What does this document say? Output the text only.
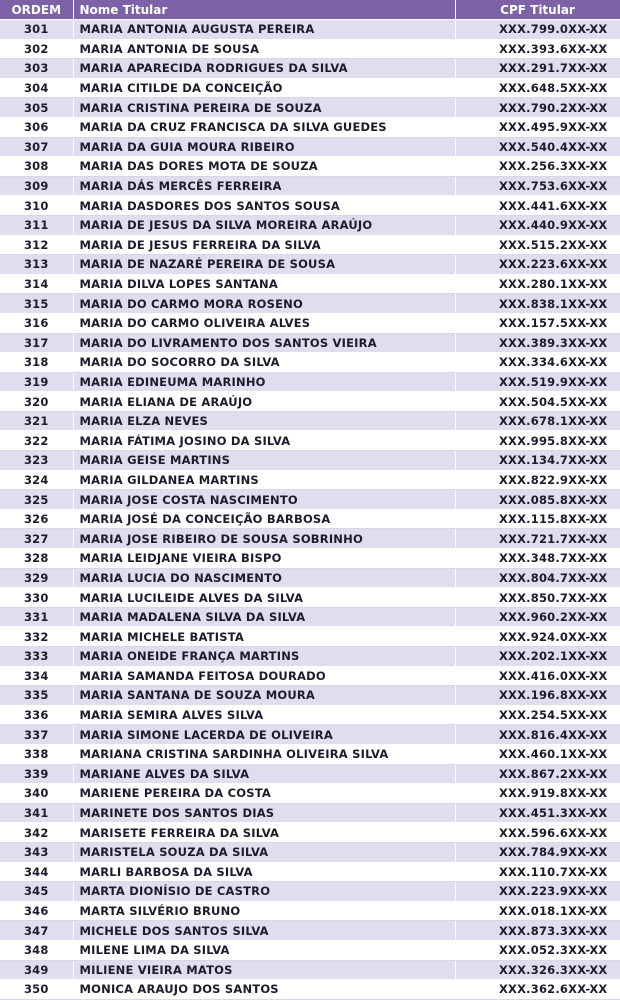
ORDEM	Nome Titular	CPF Titular
301	MARIA ANTONIA AUGUSTA PEREIRA	XXX.799.0XX-XX
302	MARIA ANTONIA DE SOUSA	XXX.393.6XX-XX
303	MARIA APARECIDA RODRIGUES DA SILVA	XXX.291.7XX-XX
304	MARIA CITILDE DA CONCEIÇÃO	XXX.648.5XX-XX
305	MARIA CRISTINA PEREIRA DE SOUZA	XXX.790.2XX-XX
306	MARIA DA CRUZ FRANCISCA DA SILVA GUEDES	XXX.495.9XX-XX
307	MARIA DA GUIA MOURA RIBEIRO	XXX.540.4XX-XX
308	MARIA DAS DORES MOTA DE SOUZA	XXX.256.3XX-XX
309	MARIA DÁS MERCÊS FERREIRA	XXX.753.6XX-XX
310	MARIA DASDORES DOS SANTOS SOUSA	XXX.441.6XX-XX
311	MARIA DE JESUS DA SILVA MOREIRA ARAÚJO	XXX.440.9XX-XX
312	MARIA DE JESUS FERREIRA DA SILVA	XXX.515.2XX-XX
313	MARIA DE NAZARÉ PEREIRA DE SOUSA	XXX.223.6XX-XX
314	MARIA DILVA LOPES SANTANA	XXX.280.1XX-XX
315	MARIA DO CARMO MORA ROSENO	XXX.838.1XX-XX
316	MARIA DO CARMO OLIVEIRA ALVES	XXX.157.5XX-XX
317	MARIA DO LIVRAMENTO DOS SANTOS VIEIRA	XXX.389.3XX-XX
318	MARIA DO SOCORRO DA SILVA	XXX.334.6XX-XX
319	MARIA EDINEUMA MARINHO	XXX.519.9XX-XX
320	MARIA ELIANA DE ARAÚJO	XXX.504.5XX-XX
321	MARIA ELZA NEVES	XXX.678.1XX-XX
322	MARIA FÁTIMA JOSINO DA SILVA	XXX.995.8XX-XX
323	MARIA GEISE MARTINS	XXX.134.7XX-XX
324	MARIA GILDANEA MARTINS	XXX.822.9XX-XX
325	MARIA JOSE COSTA NASCIMENTO	XXX.085.8XX-XX
326	MARIA JOSÉ DA CONCEIÇÃO BARBOSA	XXX.115.8XX-XX
327	MARIA JOSE RIBEIRO DE SOUSA SOBRINHO	XXX.721.7XX-XX
328	MARIA LEIDJANE VIEIRA BISPO	XXX.348.7XX-XX
329	MARIA LUCIA DO NASCIMENTO	XXX.804.7XX-XX
330	MARIA LUCILEIDE ALVES DA SILVA	XXX.850.7XX-XX
331	MARIA MADALENA SILVA DA SILVA	XXX.960.2XX-XX
332	MARIA MICHELE BATISTA	XXX.924.0XX-XX
333	MARIA ONEIDE FRANÇA MARTINS	XXX.202.1XX-XX
334	MARIA SAMANDA FEITOSA DOURADO	XXX.416.0XX-XX
335	MARIA SANTANA DE SOUZA MOURA	XXX.196.8XX-XX
336	MARIA SEMIRA ALVES SILVA	XXX.254.5XX-XX
337	MARIA SIMONE LACERDA DE OLIVEIRA	XXX.816.4XX-XX
338	MARIANA CRISTINA SARDINHA OLIVEIRA SILVA	XXX.460.1XX-XX
339	MARIANE ALVES DA SILVA	XXX.867.2XX-XX
340	MARIENE PEREIRA DA COSTA	XXX.919.8XX-XX
341	MARINETE DOS SANTOS DIAS	XXX.451.3XX-XX
342	MARISETE FERREIRA DA SILVA	XXX.596.6XX-XX
343	MARISTELA SOUZA DA SILVA	XXX.784.9XX-XX
344	MARLI BARBOSA DA SILVA	XXX.110.7XX-XX
345	MARTA DIONÍSIO DE CASTRO	XXX.223.9XX-XX
346	MARTA SILVÉRIO BRUNO	XXX.018.1XX-XX
347	MICHELE DOS SANTOS SILVA	XXX.873.3XX-XX
348	MILENE LIMA DA SILVA	XXX.052.3XX-XX
349	MILIENE VIEIRA MATOS	XXX.326.3XX-XX
350	MONICA ARAUJO DOS SANTOS	XXX.362.6XX-XX
